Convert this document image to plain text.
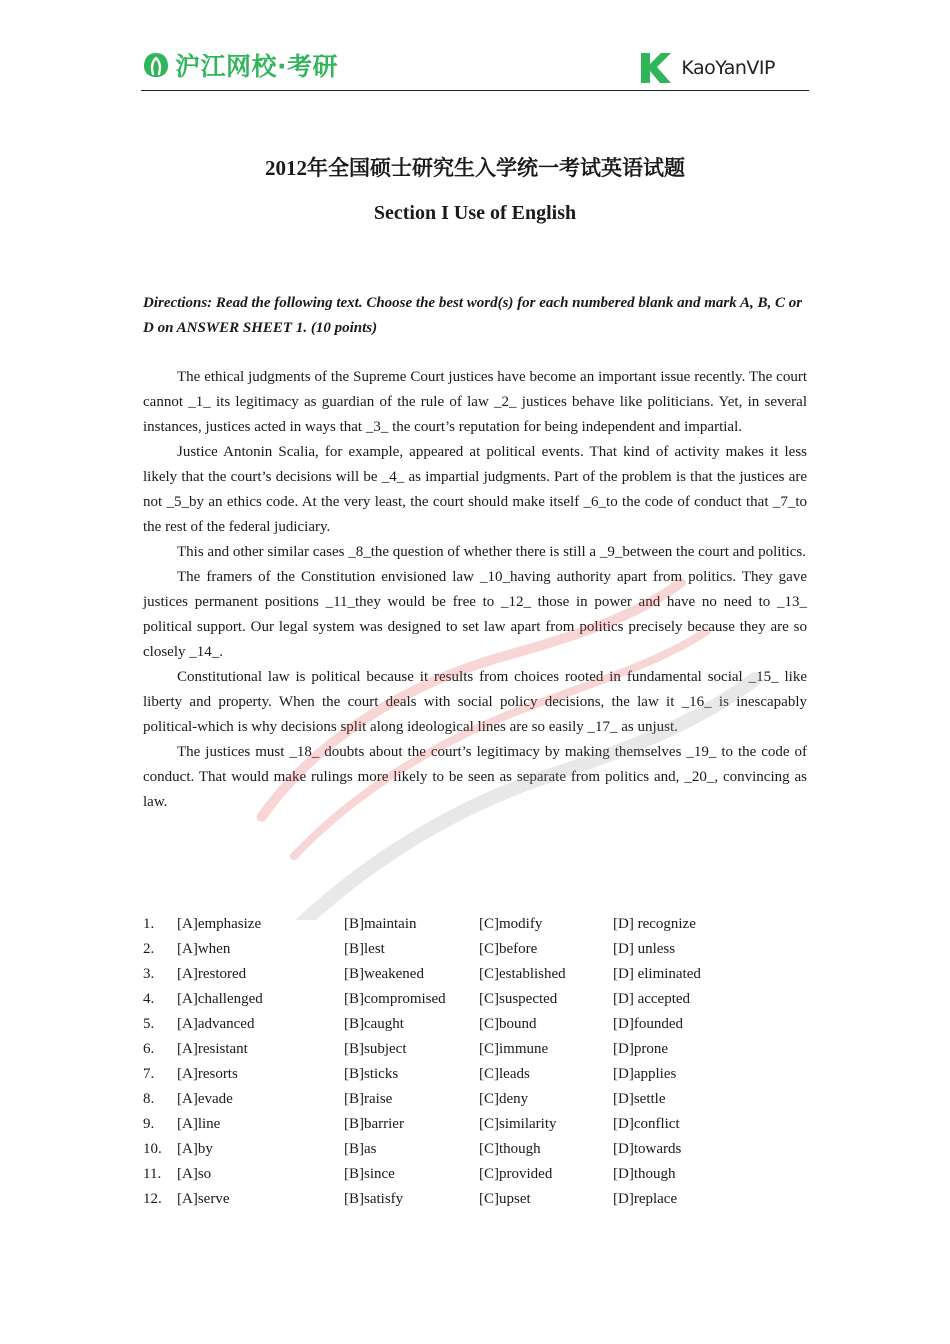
沪江网校·考研	KaoYanVIP
2012年全国硕士研究生入学统一考试英语试题
Section I Use of English
Directions: Read the following text. Choose the best word(s) for each numbered blank and mark A, B, C or D on ANSWER SHEET 1. (10 points)

The ethical judgments of the Supreme Court justices have become an important issue recently. The court cannot _1_ its legitimacy as guardian of the rule of law _2_ justices behave like politicians. Yet, in several instances, justices acted in ways that _3_ the court’s reputation for being independent and impartial.

Justice Antonin Scalia, for example, appeared at political events. That kind of activity makes it less likely that the court’s decisions will be _4_ as impartial judgments. Part of the problem is that the justices are not _5_by an ethics code. At the very least, the court should make itself _6_to the code of conduct that _7_to the rest of the federal judiciary.

This and other similar cases _8_the question of whether there is still a _9_between the court and politics.

The framers of the Constitution envisioned law _10_having authority apart from politics. They gave justices permanent positions _11_they would be free to _12_ those in power and have no need to _13_ political support. Our legal system was designed to set law apart from politics precisely because they are so closely _14_.

Constitutional law is political because it results from choices rooted in fundamental social _15_ like liberty and property. When the court deals with social policy decisions, the law it _16_ is inescapably political-which is why decisions split along ideological lines are so easily _17_ as unjust.

The justices must _18_ doubts about the court’s legitimacy by making themselves _19_ to the code of conduct. That would make rulings more likely to be seen as separate from politics and, _20_, convincing as law.

1. [A]emphasize	[B]maintain	[C]modify	[D] recognize
2. [A]when	[B]lest	[C]before	[D] unless
3. [A]restored	[B]weakened	[C]established	[D] eliminated
4. [A]challenged	[B]compromised [C]suspected	[D] accepted
5. [A]advanced	[B]caught	[C]bound	[D]founded
6. [A]resistant	[B]subject	[C]immune	[D]prone
7. [A]resorts	[B]sticks	[C]leads	[D]applies
8. [A]evade	[B]raise	[C]deny	[D]settle
9. [A]line	[B]barrier	[C]similarity	[D]conflict
10. [A]by	[B]as	[C]though	[D]towards
11. [A]so	[B]since	[C]provided	[D]though
12. [A]serve	[B]satisfy	[C]upset	[D]replace
